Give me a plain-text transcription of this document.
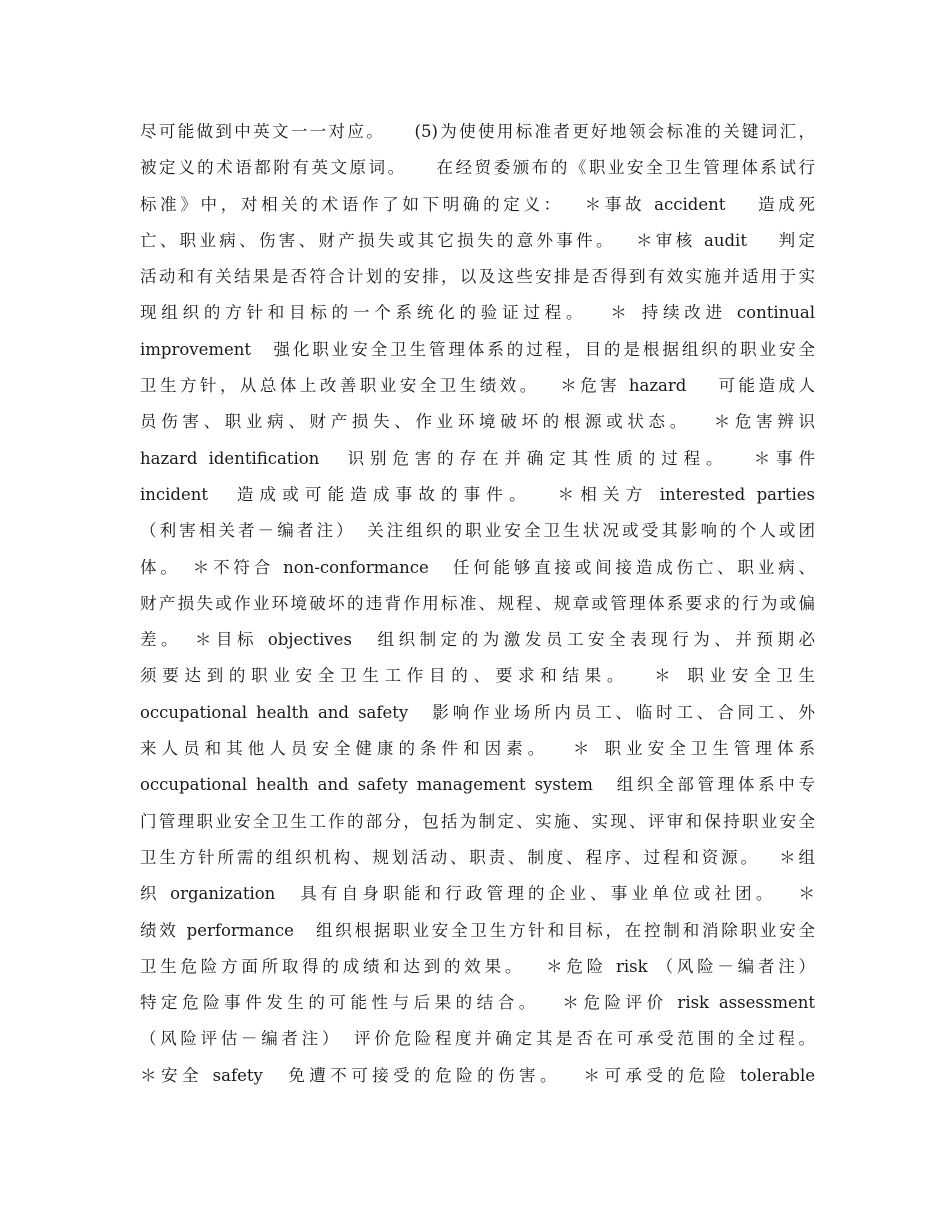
尽可能做到中英文一一对应。　　(5)为使使用标准者更好地领会标准的关键词汇，
被定义的术语都附有英文原词。　　在经贸委颁布的《职业安全卫生管理体系试行
标准》中，对相关的术语作了如下明确的定义：　 ＊事故 accident　 造成死
亡、职业病、伤害、财产损失或其它损失的意外事件。　 ＊审核 audit　 判定
活动和有关结果是否符合计划的安排，以及这些安排是否得到有效实施并适用于实
现组织的方针和目标的一个系统化的验证过程。　 ＊ 持续改进 continual
improvement　强化职业安全卫生管理体系的过程，目的是根据组织的职业安全
卫生方针，从总体上改善职业安全卫生绩效。　 ＊危害 hazard　 可能造成人
员伤害、职业病、财产损失、作业环境破坏的根源或状态。　 ＊危害辨识
hazard identification　识别危害的存在并确定其性质的过程。　 ＊事件
incident　造成或可能造成事故的事件。　 ＊相关方 interested parties
（利害相关者－编者注）　关注组织的职业安全卫生状况或受其影响的个人或团
体。　＊不符合 non-conformance　任何能够直接或间接造成伤亡、职业病、
财产损失或作业环境破坏的违背作用标准、规程、规章或管理体系要求的行为或偏
差。　＊目标 objectives　组织制定的为激发员工安全表现行为、并预期必
须要达到的职业安全卫生工作目的、要求和结果。　 ＊ 职业安全卫生
occupational health and safety　影响作业场所内员工、临时工、合同工、外
来人员和其他人员安全健康的条件和因素。　 ＊ 职业安全卫生管理体系
occupational health and safety management system　组织全部管理体系中专
门管理职业安全卫生工作的部分，包括为制定、实施、实现、评审和保持职业安全
卫生方针所需的组织机构、规划活动、职责、制度、程序、过程和资源。　 ＊组
织 organization　具有自身职能和行政管理的企业、事业单位或社团。　 ＊
绩效 performance　组织根据职业安全卫生方针和目标，在控制和消除职业安全
卫生危险方面所取得的成绩和达到的效果。　 ＊危险 risk （风险－编者注）
特定危险事件发生的可能性与后果的结合。　 ＊危险评价 risk assessment
（风险评估－编者注）　评价危险程度并确定其是否在可承受范围的全过程。
＊安全 safety　免遭不可接受的危险的伤害。　 ＊可承受的危险 tolerable
